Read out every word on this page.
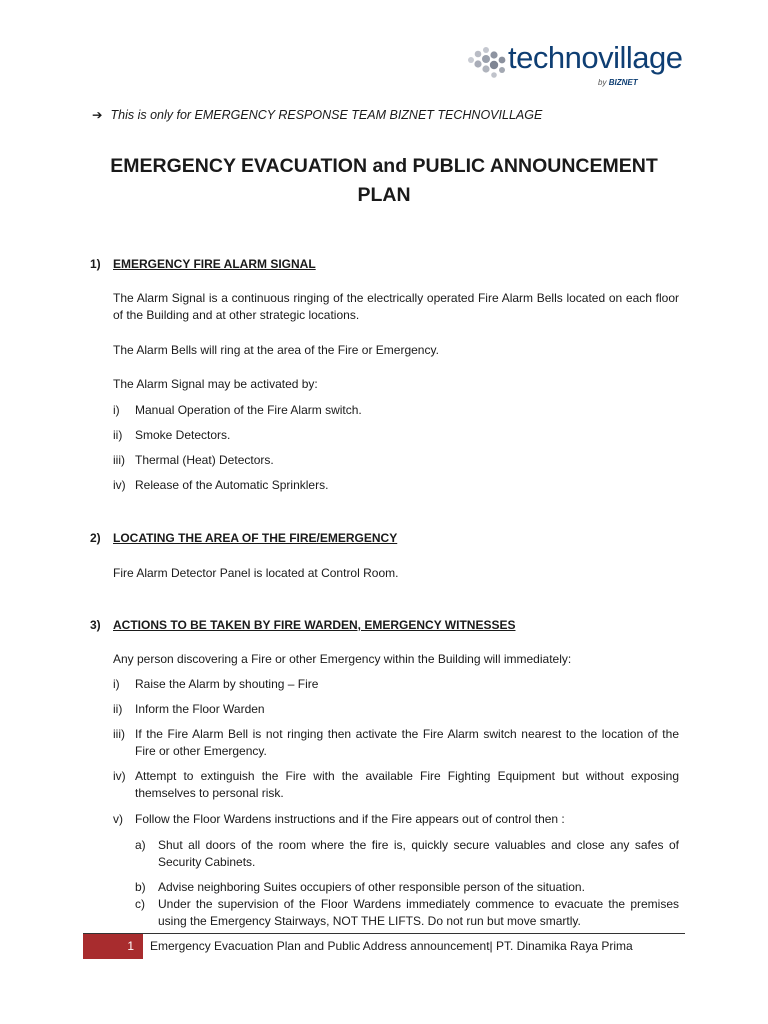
technovillage
by BIZNET
➔ This is only for EMERGENCY RESPONSE TEAM BIZNET TECHNOVILLAGE
EMERGENCY EVACUATION and PUBLIC ANNOUNCEMENT
PLAN
1) EMERGENCY FIRE ALARM SIGNAL
The Alarm Signal is a continuous ringing of the electrically operated Fire Alarm Bells located on each floor of the Building and at other strategic locations.
The Alarm Bells will ring at the area of the Fire or Emergency.
The Alarm Signal may be activated by:
i) Manual Operation of the Fire Alarm switch.
ii) Smoke Detectors.
iii) Thermal (Heat) Detectors.
iv) Release of the Automatic Sprinklers.
2) LOCATING THE AREA OF THE FIRE/EMERGENCY
Fire Alarm Detector Panel is located at Control Room.
3) ACTIONS TO BE TAKEN BY FIRE WARDEN, EMERGENCY WITNESSES
Any person discovering a Fire or other Emergency within the Building will immediately:
i) Raise the Alarm by shouting – Fire
ii) Inform the Floor Warden
iii) If the Fire Alarm Bell is not ringing then activate the Fire Alarm switch nearest to the location of the Fire or other Emergency.
iv) Attempt to extinguish the Fire with the available Fire Fighting Equipment but without exposing themselves to personal risk.
v) Follow the Floor Wardens instructions and if the Fire appears out of control then :
a) Shut all doors of the room where the fire is, quickly secure valuables and close any safes of Security Cabinets.
b) Advise neighboring Suites occupiers of other responsible person of the situation.
c) Under the supervision of the Floor Wardens immediately commence to evacuate the premises using the Emergency Stairways, NOT THE LIFTS. Do not run but move smartly.
1	Emergency Evacuation Plan and Public Address announcement| PT. Dinamika Raya Prima
